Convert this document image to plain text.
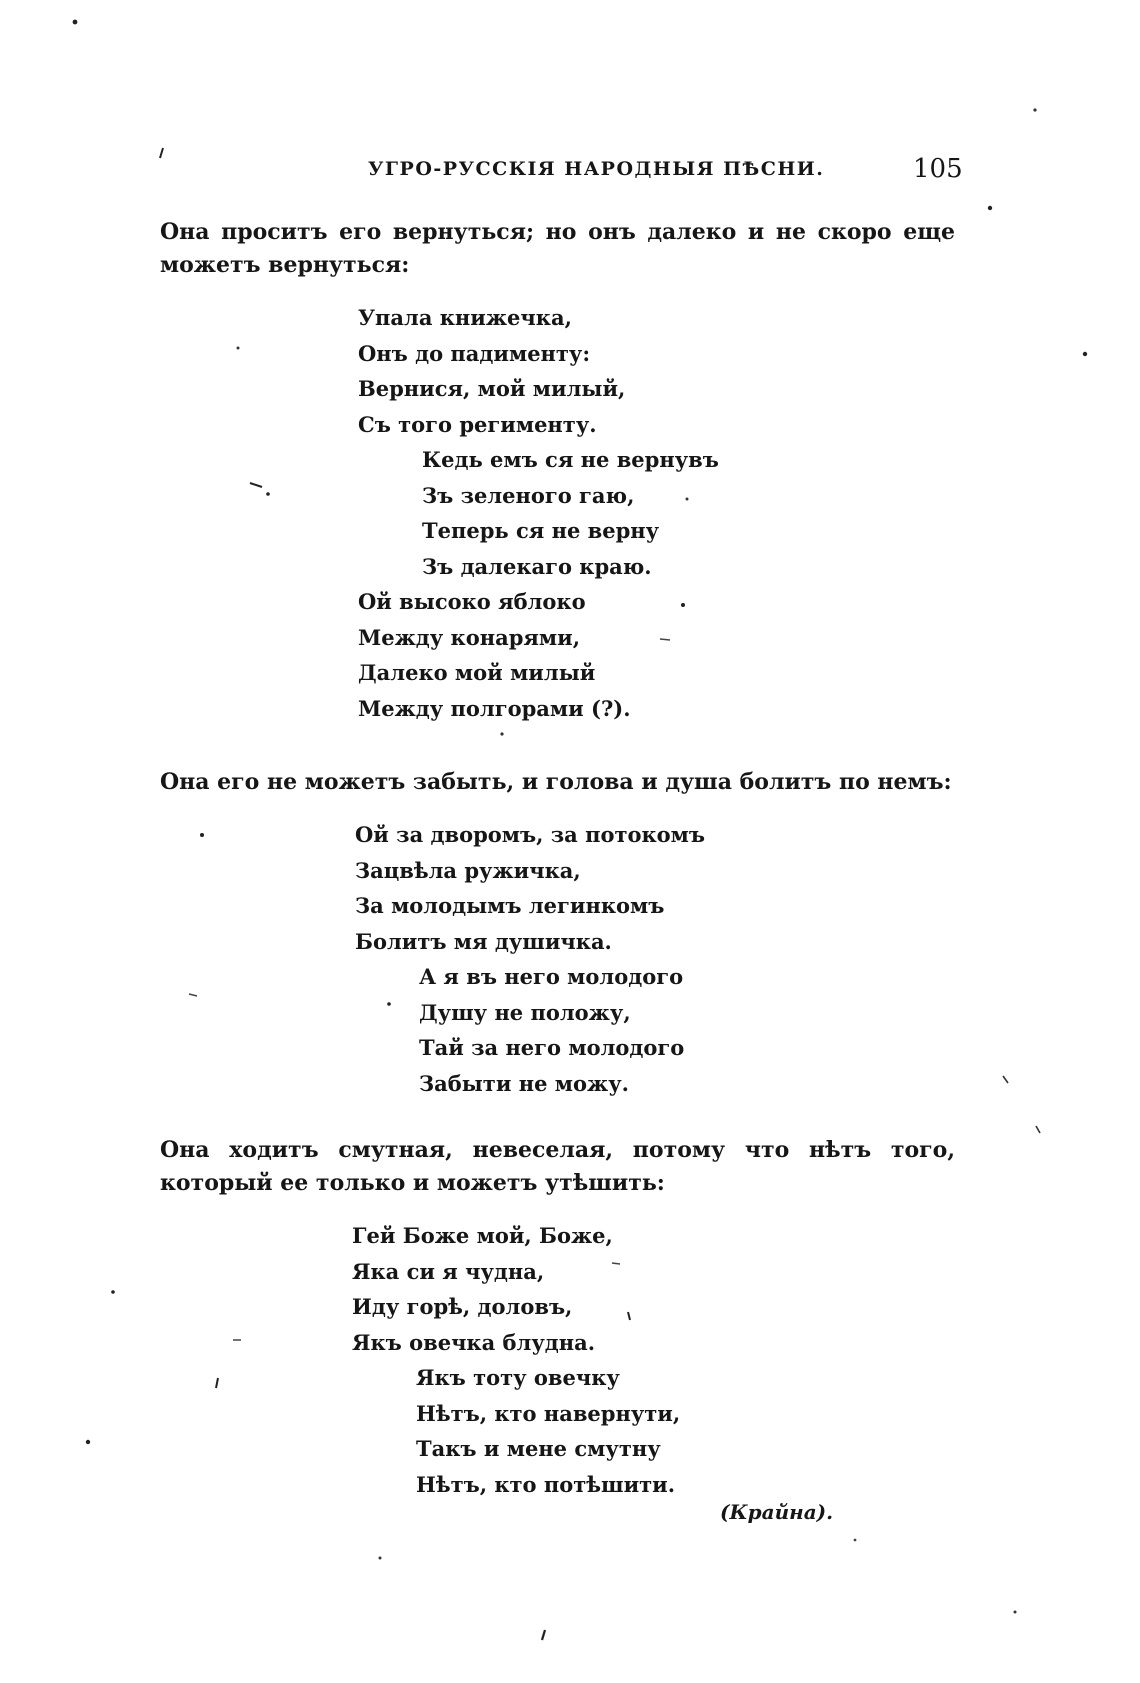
УГРО-РУССКІЯ НАРОДНЫЯ ПѢСНИ.	105

Она проситъ его вернуться; но онъ далеко и не скоро еще можетъ вернуться:

Упала книжечка,
Онъ до падименту:
Вернися, мой милый,
Съ того регименту.
Кедь емъ ся не вернувъ
Зъ зеленого гаю,
Теперь ся не верну
Зъ далекаго краю.
Ой высоко яблоко
Между конарями,
Далеко мой милый
Между полгорами (?).

Она его не можетъ забыть, и голова и душа болитъ по немъ:

Ой за дворомъ, за потокомъ
Зацвѣла ружичка,
За молодымъ легинкомъ
Болитъ мя душичка.
А я въ него молодого
Душу не положу,
Тай за него молодого
Забыти не можу.

Она ходитъ смутная, невеселая, потому что нѣтъ того, который ее только и можетъ утѣшить:

Гей Боже мой, Боже,
Яка си я чудна,
Иду горѣ, доловъ,
Якъ овечка блудна.
Якъ тоту овечку
Нѣтъ, кто навернути,
Такъ и мене смутну
Нѣтъ, кто потѣшити.
(Крайна).
